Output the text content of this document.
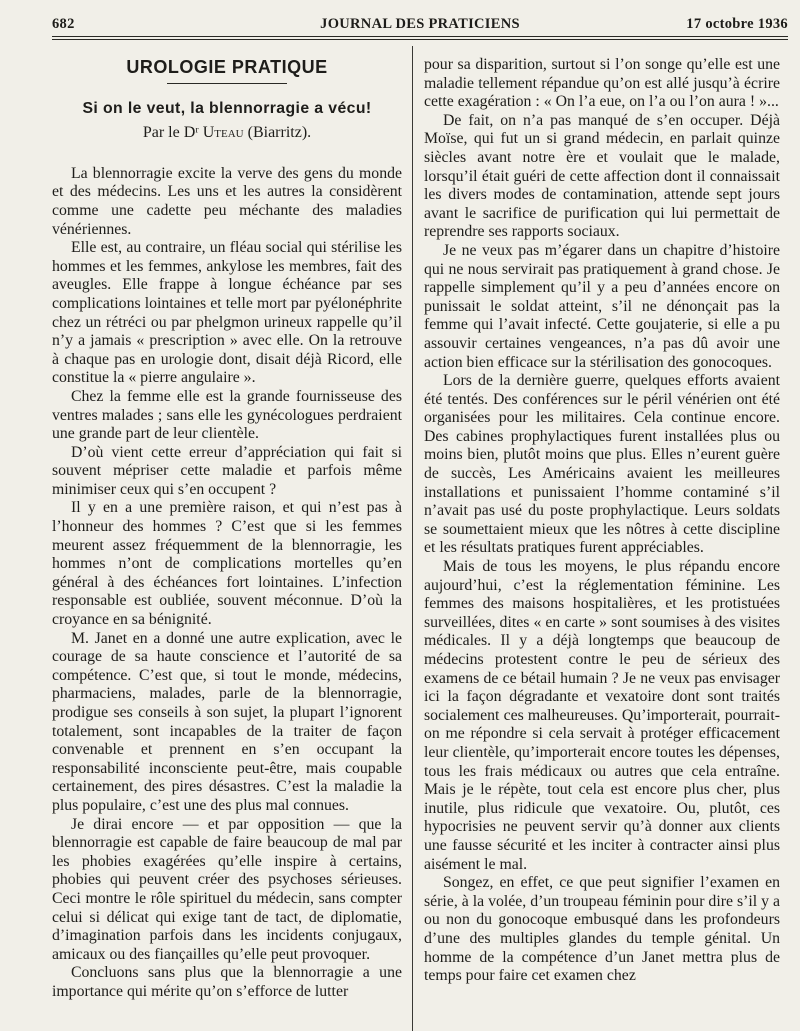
682	JOURNAL DES PRATICIENS	17 octobre 1936
UROLOGIE PRATIQUE
Si on le veut, la blennorragie a vécu!
Par le Dʳ Uteau (Biarritz).

La blennorragie excite la verve des gens du monde et des médecins. Les uns et les autres la considèrent comme une cadette peu méchante des maladies vénériennes.

Elle est, au contraire, un fléau social qui stérilise les hommes et les femmes, ankylose les membres, fait des aveugles. Elle frappe à longue échéance par ses complications lointaines et telle mort par pyélonéphrite chez un rétréci ou par phelgmon urineux rappelle qu’il n’y a jamais « prescription » avec elle. On la retrouve à chaque pas en urologie dont, disait déjà Ricord, elle constitue la « pierre angulaire ».

Chez la femme elle est la grande fournisseuse des ventres malades ; sans elle les gynécologues perdraient une grande part de leur clientèle.

D’où vient cette erreur d’appréciation qui fait si souvent mépriser cette maladie et parfois même minimiser ceux qui s’en occupent ?

Il y en a une première raison, et qui n’est pas à l’honneur des hommes ? C’est que si les femmes meurent assez fréquemment de la blennorragie, les hommes n’ont de complications mortelles qu’en général à des échéances fort lointaines. L’infection responsable est oubliée, souvent méconnue. D’où la croyance en sa bénignité.

M. Janet en a donné une autre explication, avec le courage de sa haute conscience et l’autorité de sa compétence. C’est que, si tout le monde, médecins, pharmaciens, malades, parle de la blennorragie, prodigue ses conseils à son sujet, la plupart l’ignorent totalement, sont incapables de la traiter de façon convenable et prennent en s’en occupant la responsabilité inconsciente peut-être, mais coupable certainement, des pires désastres. C’est la maladie la plus populaire, c’est une des plus mal connues.

Je dirai encore — et par opposition — que la blennorragie est capable de faire beaucoup de mal par les phobies exagérées qu’elle inspire à certains, phobies qui peuvent créer des psychoses sérieuses. Ceci montre le rôle spirituel du médecin, sans compter celui si délicat qui exige tant de tact, de diplomatie, d’imagination parfois dans les incidents conjugaux, amicaux ou des fiançailles qu’elle peut provoquer.

Concluons sans plus que la blennorragie a une importance qui mérite qu’on s’efforce de lutter

pour sa disparition, surtout si l’on songe qu’elle est une maladie tellement répandue qu’on est allé jusqu’à écrire cette exagération : « On l’a eue, on l’a ou l’on aura ! »...

De fait, on n’a pas manqué de s’en occuper. Déjà Moïse, qui fut un si grand médecin, en parlait quinze siècles avant notre ère et voulait que le malade, lorsqu’il était guéri de cette affection dont il connaissait les divers modes de contamination, attende sept jours avant le sacrifice de purification qui lui permettait de reprendre ses rapports sociaux.

Je ne veux pas m’égarer dans un chapitre d’histoire qui ne nous servirait pas pratiquement à grand chose. Je rappelle simplement qu’il y a peu d’années encore on punissait le soldat atteint, s’il ne dénonçait pas la femme qui l’avait infecté. Cette goujaterie, si elle a pu assouvir certaines vengeances, n’a pas dû avoir une action bien efficace sur la stérilisation des gonocoques.

Lors de la dernière guerre, quelques efforts avaient été tentés. Des conférences sur le péril vénérien ont été organisées pour les militaires. Cela continue encore. Des cabines prophylactiques furent installées plus ou moins bien, plutôt moins que plus. Elles n’eurent guère de succès, Les Américains avaient les meilleures installations et punissaient l’homme contaminé s’il n’avait pas usé du poste prophylactique. Leurs soldats se soumettaient mieux que les nôtres à cette discipline et les résultats pratiques furent appréciables.

Mais de tous les moyens, le plus répandu encore aujourd’hui, c’est la réglementation féminine. Les femmes des maisons hospitalières, et les protistuées surveillées, dites « en carte » sont soumises à des visites médicales. Il y a déjà longtemps que beaucoup de médecins protestent contre le peu de sérieux des examens de ce bétail humain ? Je ne veux pas envisager ici la façon dégradante et vexatoire dont sont traités socialement ces malheureuses. Qu’importerait, pourrait-on me répondre si cela servait à protéger efficacement leur clientèle, qu’importerait encore toutes les dépenses, tous les frais médicaux ou autres que cela entraîne. Mais je le répète, tout cela est encore plus cher, plus inutile, plus ridicule que vexatoire. Ou, plutôt, ces hypocrisies ne peuvent servir qu’à donner aux clients une fausse sécurité et les inciter à contracter ainsi plus aisément le mal.

Songez, en effet, ce que peut signifier l’examen en série, à la volée, d’un troupeau féminin pour dire s’il y a ou non du gonocoque embusqué dans les profondeurs d’une des multiples glandes du temple génital. Un homme de la compétence d’un Janet mettra plus de temps pour faire cet examen chez
